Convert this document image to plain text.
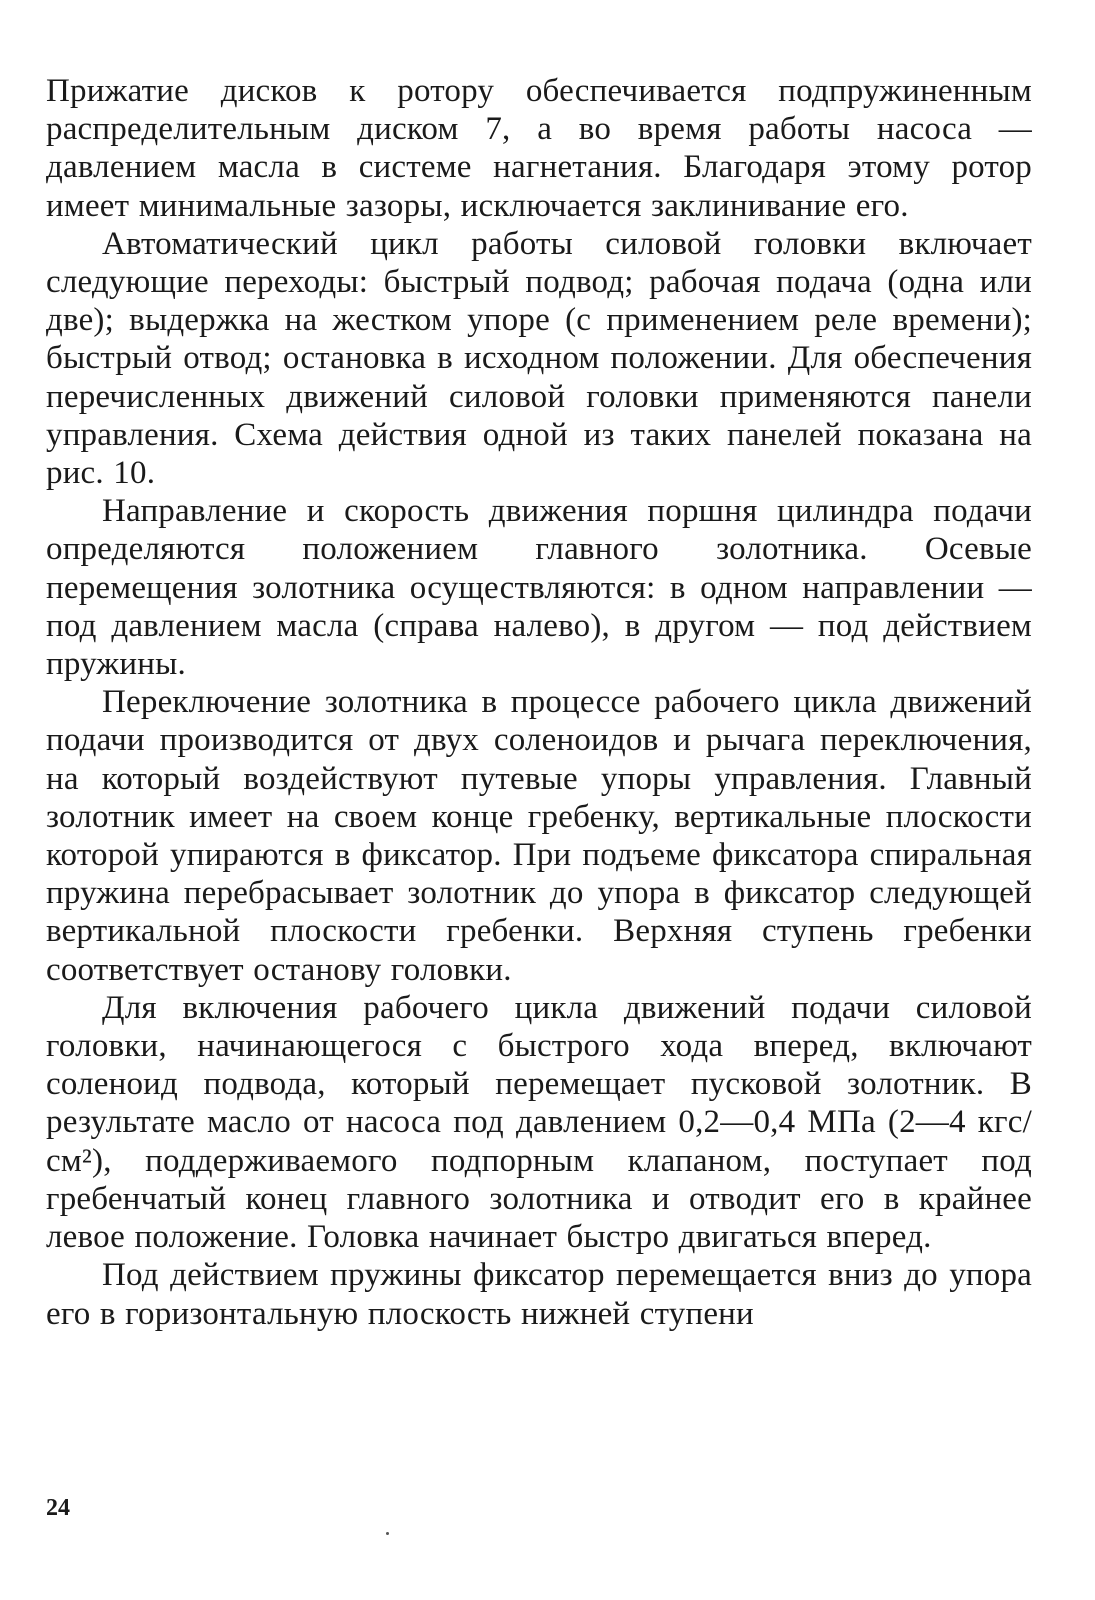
Прижатие дисков к ротору обеспечивается подпружиненным распределительным диском 7, а во время работы насоса — давлением масла в системе нагнетания. Благодаря этому ротор имеет минимальные зазоры, исключается заклинивание его.

Автоматический цикл работы силовой головки включает следующие переходы: быстрый подвод; рабочая подача (одна или две); выдержка на жестком упоре (с применением реле времени); быстрый отвод; остановка в исходном положении. Для обеспечения перечисленных движений силовой головки применяются панели управления. Схема действия одной из таких панелей показана на рис. 10.

Направление и скорость движения поршня цилиндра подачи определяются положением главного золотника. Осевые перемещения золотника осуществляются: в одном направлении — под давлением масла (справа налево), в другом — под действием пружины.

Переключение золотника в процессе рабочего цикла движений подачи производится от двух соленоидов и рычага переключения, на который воздействуют путевые упоры управления. Главный золотник имеет на своем конце гребенку, вертикальные плоскости которой упираются в фиксатор. При подъеме фиксатора спиральная пружина перебрасывает золотник до упора в фиксатор следующей вертикальной плоскости гребенки. Верхняя ступень гребенки соответствует останову головки.

Для включения рабочего цикла движений подачи силовой головки, начинающегося с быстрого хода вперед, включают соленоид подвода, который перемещает пусковой золотник. В результате масло от насоса под давлением 0,2—0,4 МПа (2—4 кгс/см²), поддерживаемого подпорным клапаном, поступает под гребенчатый конец главного золотника и отводит его в крайнее левое положение. Головка начинает быстро двигаться вперед.

Под действием пружины фиксатор перемещается вниз до упора его в горизонтальную плоскость нижней ступени

24
